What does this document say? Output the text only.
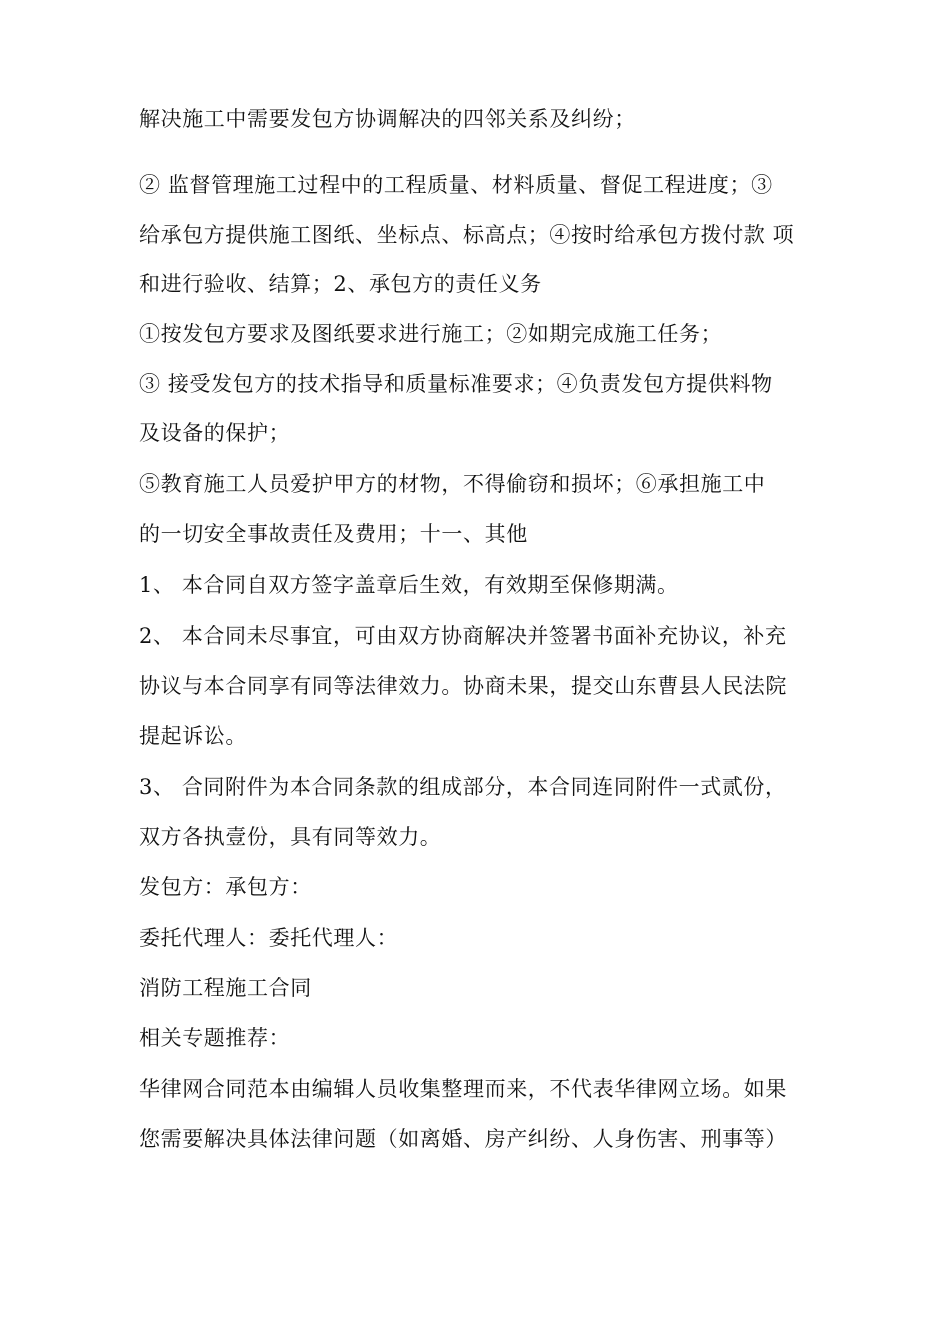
解决施工中需要发包方协调解决的四邻关系及纠纷；
② 监督管理施工过程中的工程质量、材料质量、督促工程进度；③
给承包方提供施工图纸、坐标点、标高点；④按时给承包方拨付款 项
和进行验收、结算；2、承包方的责任义务
①按发包方要求及图纸要求进行施工；②如期完成施工任务；
③ 接受发包方的技术指导和质量标准要求；④负责发包方提供料物
及设备的保护；
⑤教育施工人员爱护甲方的材物，不得偷窃和损坏；⑥承担施工中
的一切安全事故责任及费用；十一、其他
1、 本合同自双方签字盖章后生效，有效期至保修期满。
2、 本合同未尽事宜，可由双方协商解决并签署书面补充协议，补充
协议与本合同享有同等法律效力。协商未果，提交山东曹县人民法院
提起诉讼。
3、 合同附件为本合同条款的组成部分，本合同连同附件一式贰份，
双方各执壹份，具有同等效力。
发包方：承包方：
委托代理人：委托代理人：
消防工程施工合同
相关专题推荐：
华律网合同范本由编辑人员收集整理而来，不代表华律网立场。如果
您需要解决具体法律问题（如离婚、房产纠纷、人身伤害、刑事等）
